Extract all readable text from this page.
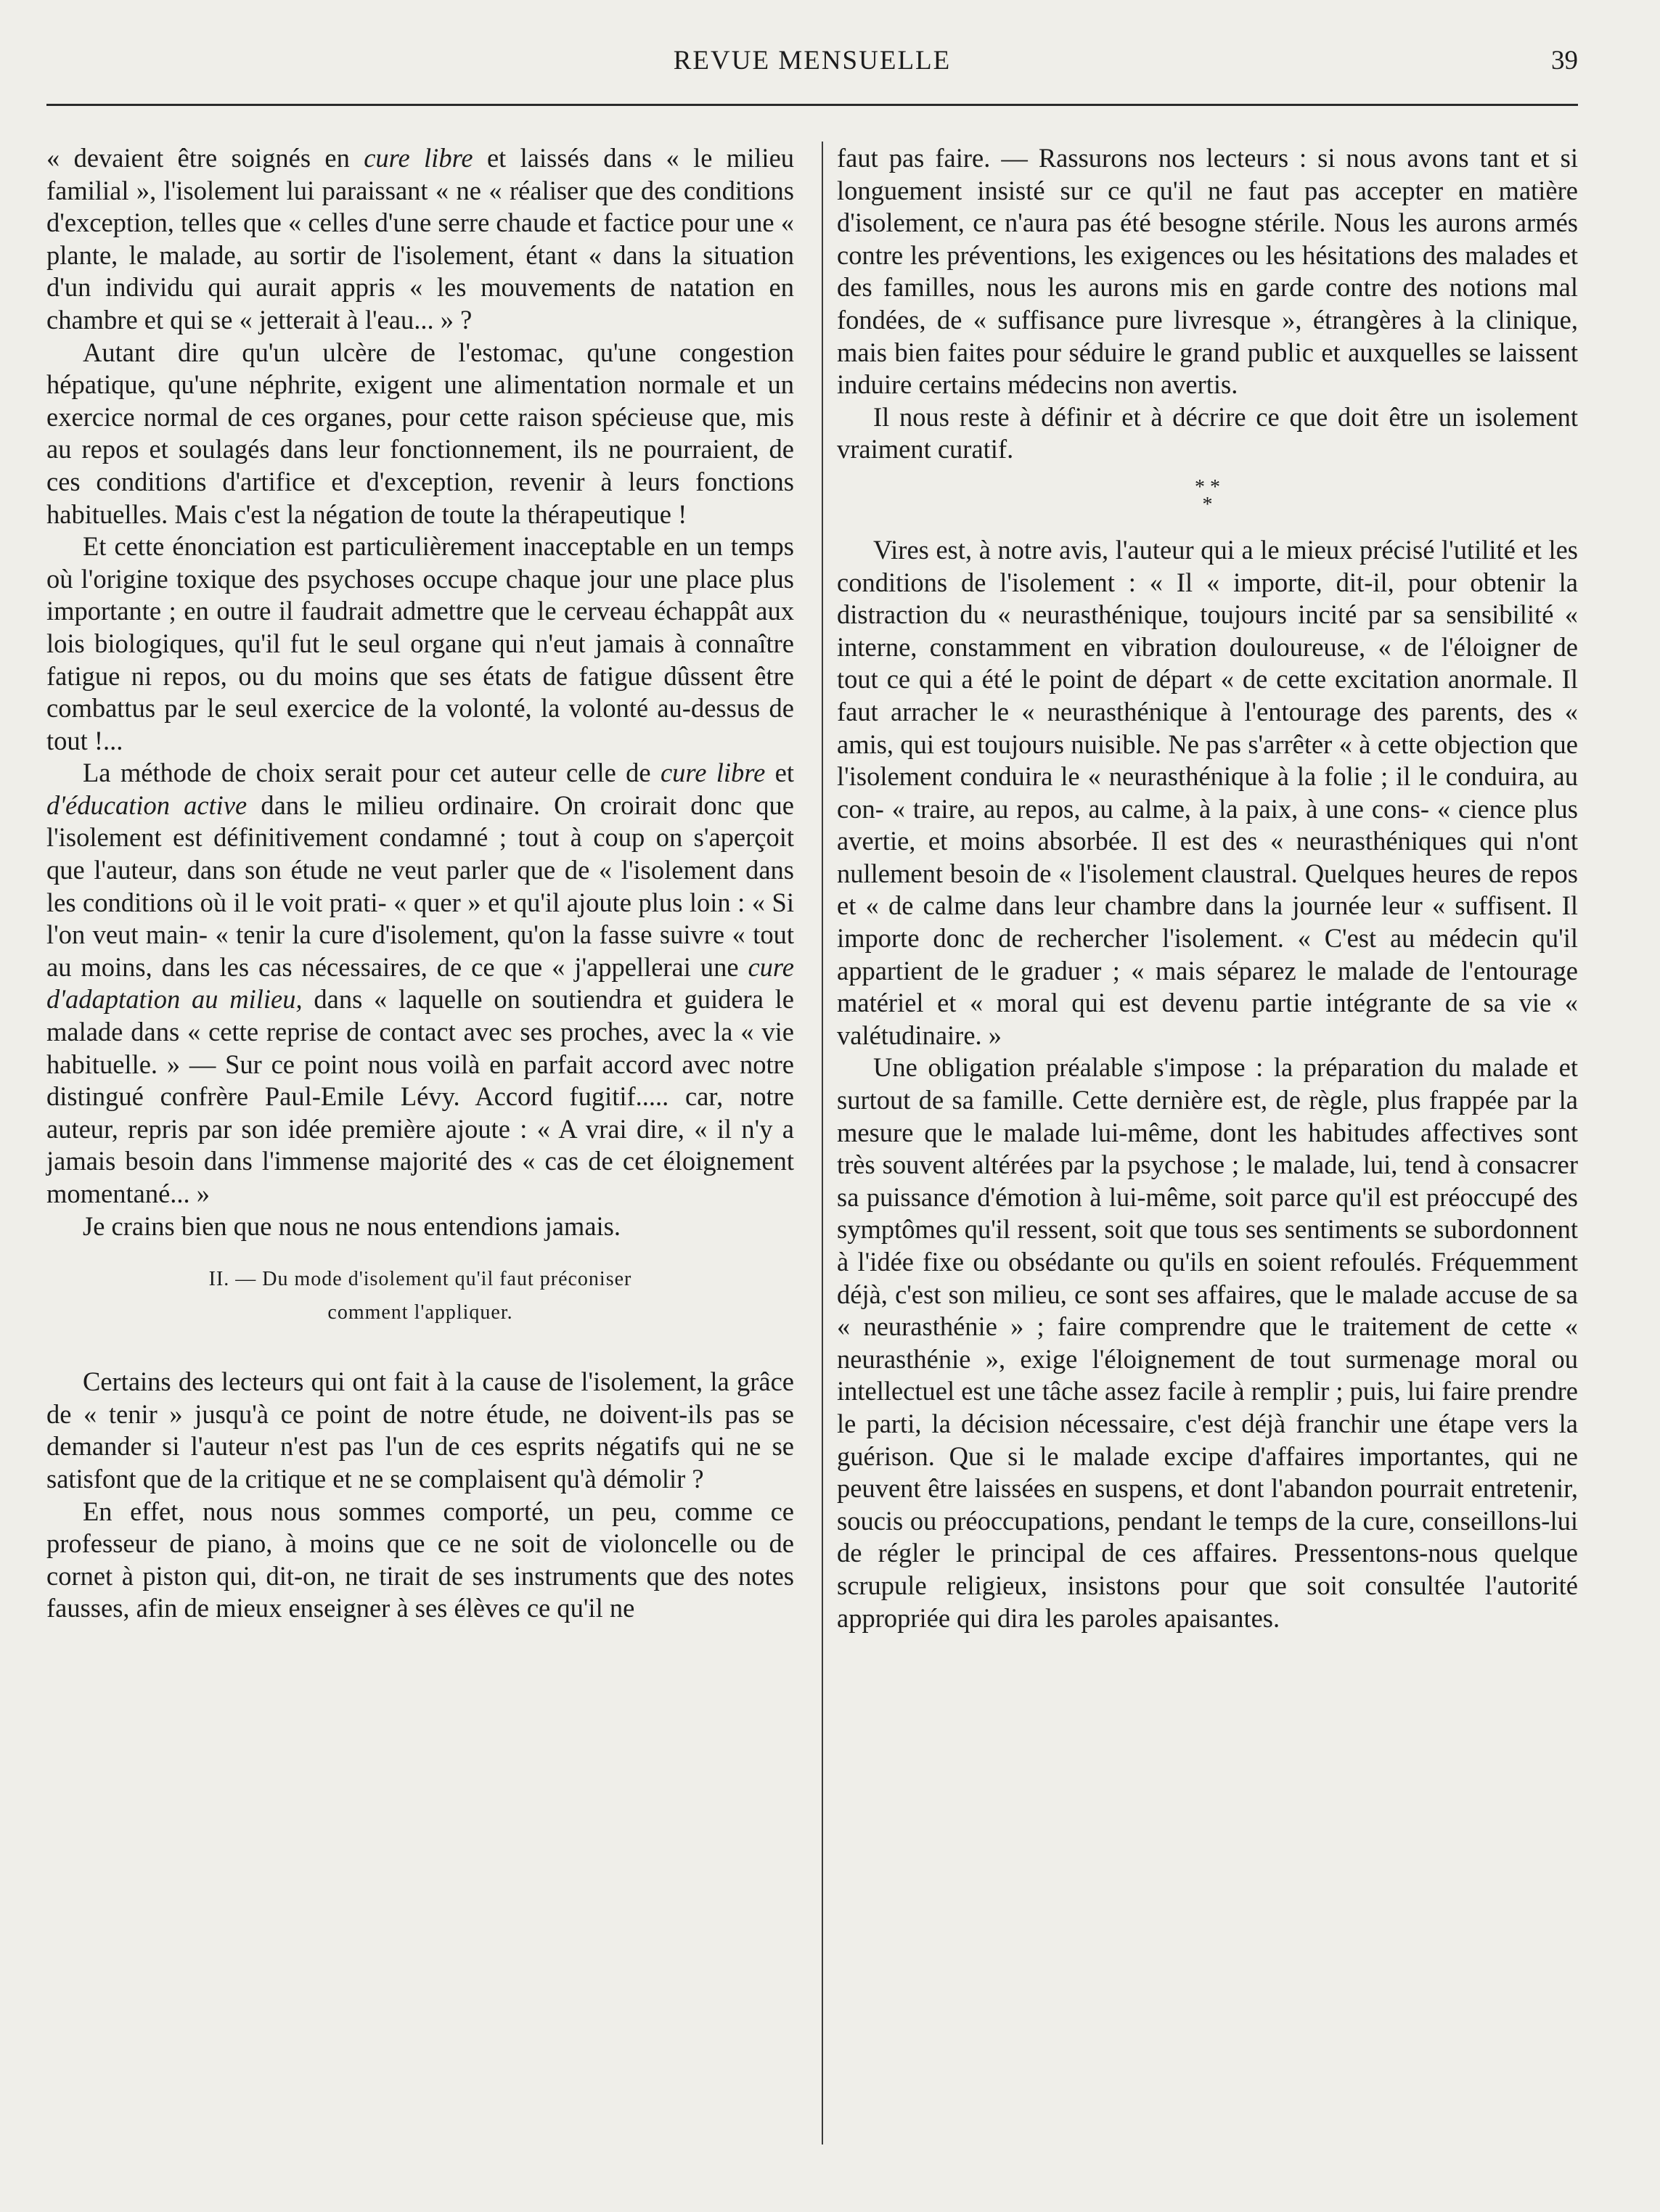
REVUE MENSUELLE	39

« devaient être soignés en cure libre et laissés dans « le milieu familial », l'isolement lui paraissant « ne « réaliser que des conditions d'exception, telles que « celles d'une serre chaude et factice pour une « plante, le malade, au sortir de l'isolement, étant « dans la situation d'un individu qui aurait appris « les mouvements de natation en chambre et qui se « jetterait à l'eau... » ?

Autant dire qu'un ulcère de l'estomac, qu'une congestion hépatique, qu'une néphrite, exigent une alimentation normale et un exercice normal de ces organes, pour cette raison spécieuse que, mis au repos et soulagés dans leur fonctionnement, ils ne pourraient, de ces conditions d'artifice et d'exception, revenir à leurs fonctions habituelles. Mais c'est la négation de toute la thérapeutique !

Et cette énonciation est particulièrement inacceptable en un temps où l'origine toxique des psychoses occupe chaque jour une place plus importante ; en outre il faudrait admettre que le cerveau échappât aux lois biologiques, qu'il fut le seul organe qui n'eut jamais à connaître fatigue ni repos, ou du moins que ses états de fatigue dûssent être combattus par le seul exercice de la volonté, la volonté au-dessus de tout !...

La méthode de choix serait pour cet auteur celle de cure libre et d'éducation active dans le milieu ordinaire. On croirait donc que l'isolement est définitivement condamné ; tout à coup on s'aperçoit que l'auteur, dans son étude ne veut parler que de « l'isolement dans les conditions où il le voit prati- « quer » et qu'il ajoute plus loin : « Si l'on veut main- « tenir la cure d'isolement, qu'on la fasse suivre « tout au moins, dans les cas nécessaires, de ce que « j'appellerai une cure d'adaptation au milieu, dans « laquelle on soutiendra et guidera le malade dans « cette reprise de contact avec ses proches, avec la « vie habituelle. » — Sur ce point nous voilà en parfait accord avec notre distingué confrère Paul-Emile Lévy. Accord fugitif..... car, notre auteur, repris par son idée première ajoute : « A vrai dire, « il n'y a jamais besoin dans l'immense majorité des « cas de cet éloignement momentané... »

Je crains bien que nous ne nous entendions jamais.

II. — Du mode d'isolement qu'il faut préconiser
comment l'appliquer.

Certains des lecteurs qui ont fait à la cause de l'isolement, la grâce de « tenir » jusqu'à ce point de notre étude, ne doivent-ils pas se demander si l'auteur n'est pas l'un de ces esprits négatifs qui ne se satisfont que de la critique et ne se complaisent qu'à démolir ?

En effet, nous nous sommes comporté, un peu, comme ce professeur de piano, à moins que ce ne soit de violoncelle ou de cornet à piston qui, dit-on, ne tirait de ses instruments que des notes fausses, afin de mieux enseigner à ses élèves ce qu'il ne

faut pas faire. — Rassurons nos lecteurs : si nous avons tant et si longuement insisté sur ce qu'il ne faut pas accepter en matière d'isolement, ce n'aura pas été besogne stérile. Nous les aurons armés contre les préventions, les exigences ou les hésitations des malades et des familles, nous les aurons mis en garde contre des notions mal fondées, de « suffisance pure livresque », étrangères à la clinique, mais bien faites pour séduire le grand public et auxquelles se laissent induire certains médecins non avertis.

Il nous reste à définir et à décrire ce que doit être un isolement vraiment curatif.

* *
*

Vires est, à notre avis, l'auteur qui a le mieux précisé l'utilité et les conditions de l'isolement : « Il « importe, dit-il, pour obtenir la distraction du « neurasthénique, toujours incité par sa sensibilité « interne, constamment en vibration douloureuse, « de l'éloigner de tout ce qui a été le point de départ « de cette excitation anormale. Il faut arracher le « neurasthénique à l'entourage des parents, des « amis, qui est toujours nuisible. Ne pas s'arrêter « à cette objection que l'isolement conduira le « neurasthénique à la folie ; il le conduira, au con- « traire, au repos, au calme, à la paix, à une cons- « cience plus avertie, et moins absorbée. Il est des « neurasthéniques qui n'ont nullement besoin de « l'isolement claustral. Quelques heures de repos et « de calme dans leur chambre dans la journée leur « suffisent. Il importe donc de rechercher l'isolement. « C'est au médecin qu'il appartient de le graduer ; « mais séparez le malade de l'entourage matériel et « moral qui est devenu partie intégrante de sa vie « valétudinaire. »

Une obligation préalable s'impose : la préparation du malade et surtout de sa famille. Cette dernière est, de règle, plus frappée par la mesure que le malade lui-même, dont les habitudes affectives sont très souvent altérées par la psychose ; le malade, lui, tend à consacrer sa puissance d'émotion à lui-même, soit parce qu'il est préoccupé des symptômes qu'il ressent, soit que tous ses sentiments se subordonnent à l'idée fixe ou obsédante ou qu'ils en soient refoulés. Fréquemment déjà, c'est son milieu, ce sont ses affaires, que le malade accuse de sa « neurasthénie » ; faire comprendre que le traitement de cette « neurasthénie », exige l'éloignement de tout surmenage moral ou intellectuel est une tâche assez facile à remplir ; puis, lui faire prendre le parti, la décision nécessaire, c'est déjà franchir une étape vers la guérison. Que si le malade excipe d'affaires importantes, qui ne peuvent être laissées en suspens, et dont l'abandon pourrait entretenir, soucis ou préoccupations, pendant le temps de la cure, conseillons-lui de régler le principal de ces affaires. Pressentons-nous quelque scrupule religieux, insistons pour que soit consultée l'autorité appropriée qui dira les paroles apaisantes.
